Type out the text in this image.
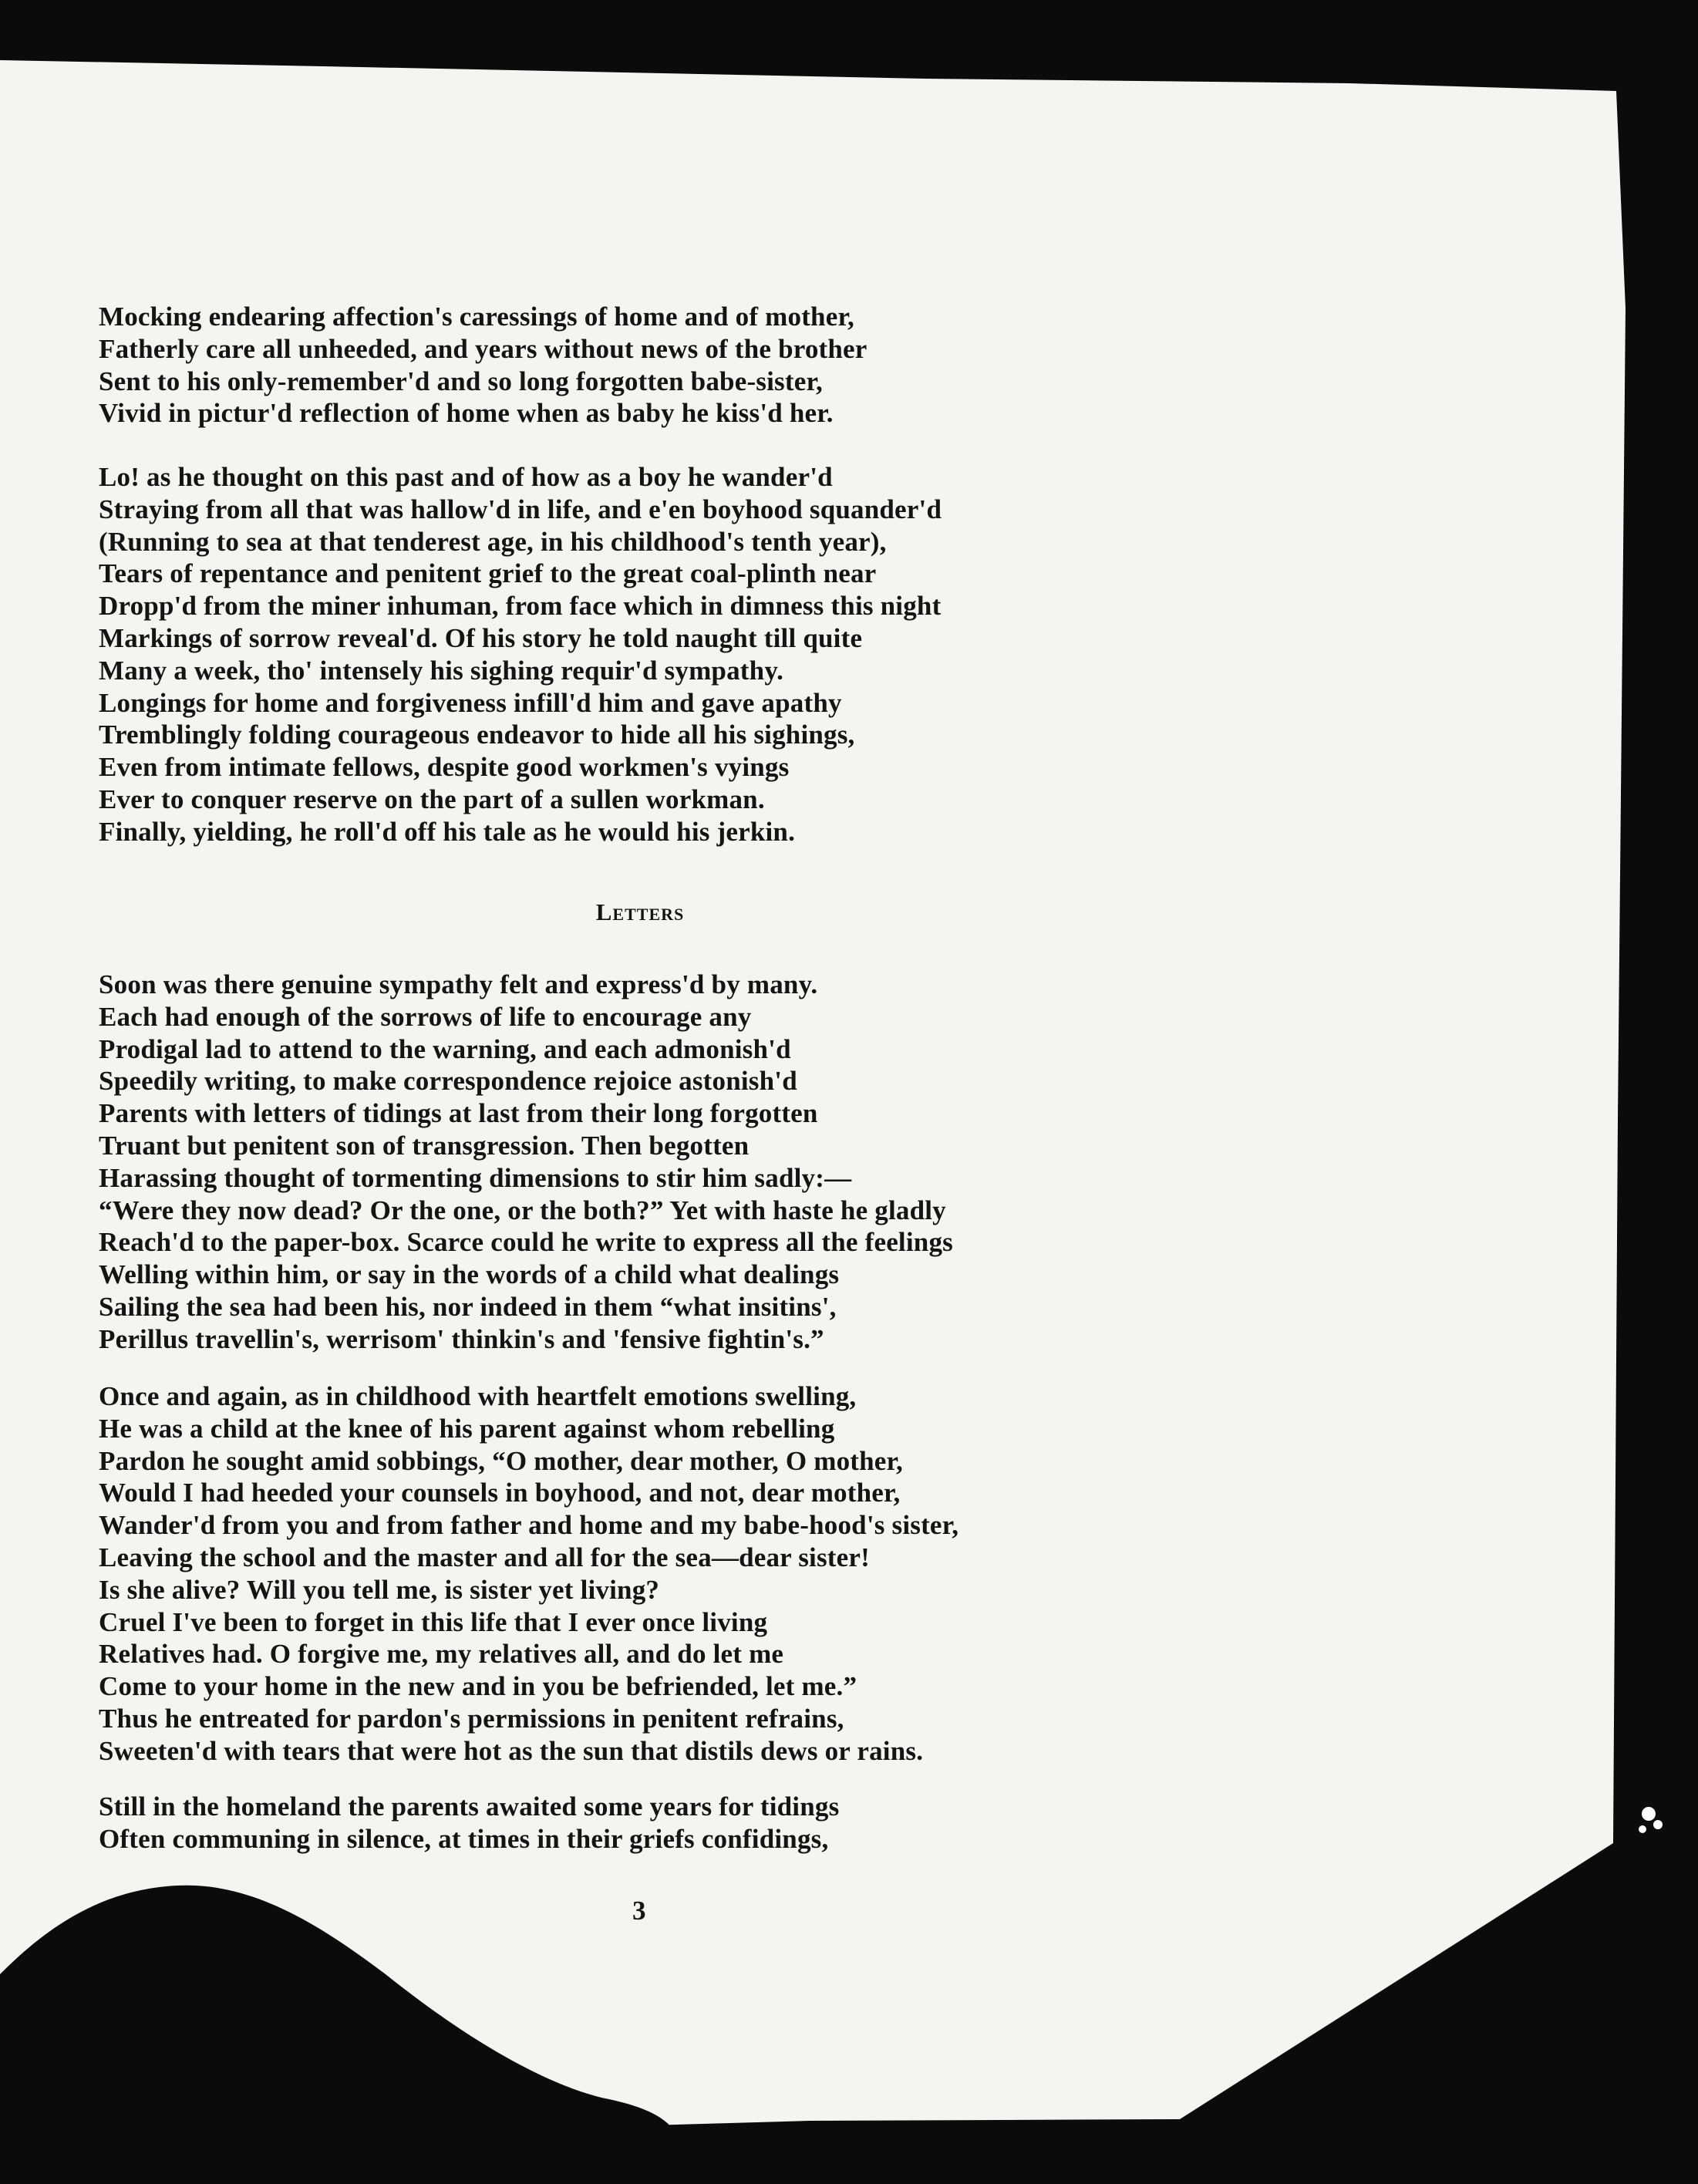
Mocking endearing affection's caressings of home and of mother,
Fatherly care all unheeded, and years without news of the brother
Sent to his only-remember'd and so long forgotten babe-sister,
Vivid in pictur'd reflection of home when as baby he kiss'd her.
Lo! as he thought on this past and of how as a boy he wander'd
Straying from all that was hallow'd in life, and e'en boyhood squander'd
(Running to sea at that tenderest age, in his childhood's tenth year),
Tears of repentance and penitent grief to the great coal-plinth near
Dropp'd from the miner inhuman, from face which in dimness this night
Markings of sorrow reveal'd. Of his story he told naught till quite
Many a week, tho' intensely his sighing requir'd sympathy.
Longings for home and forgiveness infill'd him and gave apathy
Tremblingly folding courageous endeavor to hide all his sighings,
Even from intimate fellows, despite good workmen's vyings
Ever to conquer reserve on the part of a sullen workman.
Finally, yielding, he roll'd off his tale as he would his jerkin.
Letters
Soon was there genuine sympathy felt and express'd by many.
Each had enough of the sorrows of life to encourage any
Prodigal lad to attend to the warning, and each admonish'd
Speedily writing, to make correspondence rejoice astonish'd
Parents with letters of tidings at last from their long forgotten
Truant but penitent son of transgression. Then begotten
Harassing thought of tormenting dimensions to stir him sadly:—
“Were they now dead? Or the one, or the both?” Yet with haste he gladly
Reach'd to the paper-box. Scarce could he write to express all the feelings
Welling within him, or say in the words of a child what dealings
Sailing the sea had been his, nor indeed in them “what insitins',
Perillus travellin's, werrisom' thinkin's and 'fensive fightin's.”
Once and again, as in childhood with heartfelt emotions swelling,
He was a child at the knee of his parent against whom rebelling
Pardon he sought amid sobbings, “O mother, dear mother, O mother,
Would I had heeded your counsels in boyhood, and not, dear mother,
Wander'd from you and from father and home and my babe-hood's sister,
Leaving the school and the master and all for the sea—dear sister!
Is she alive? Will you tell me, is sister yet living?
Cruel I've been to forget in this life that I ever once living
Relatives had. O forgive me, my relatives all, and do let me
Come to your home in the new and in you be befriended, let me.”
Thus he entreated for pardon's permissions in penitent refrains,
Sweeten'd with tears that were hot as the sun that distils dews or rains.
Still in the homeland the parents awaited some years for tidings
Often communing in silence, at times in their griefs confidings,
3
